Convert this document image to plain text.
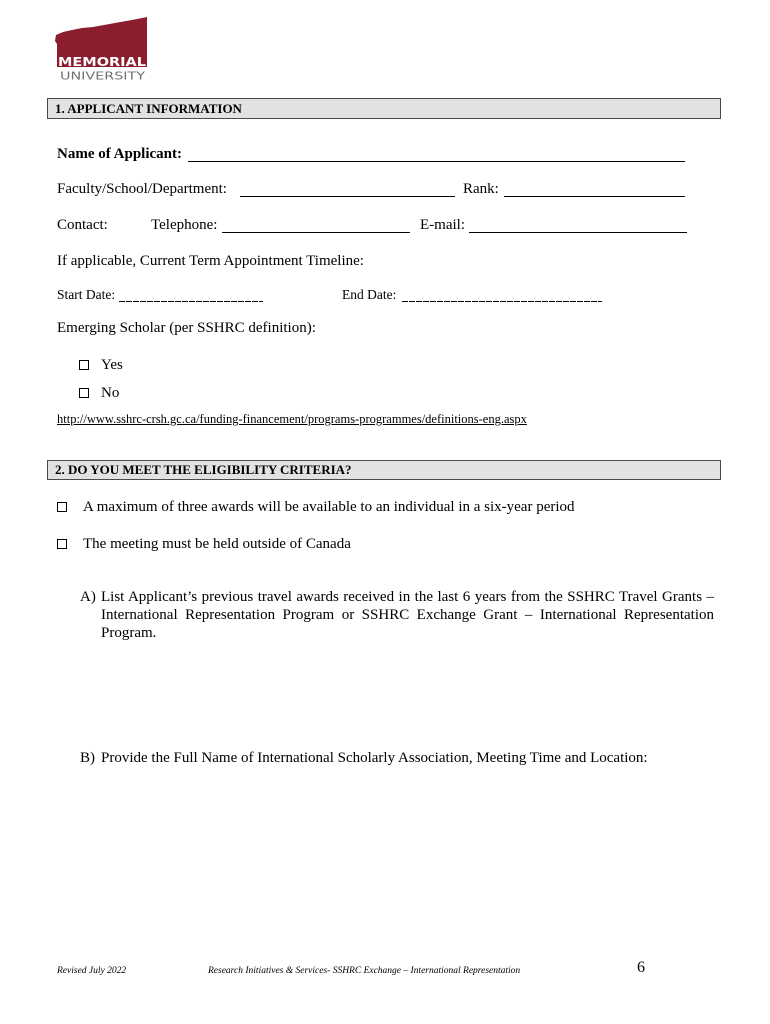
MEMORIAL
UNIVERSITY
1. APPLICANT INFORMATION
Name of Applicant:
Faculty/School/Department:	Rank:
Contact:	Telephone:	E-mail:
If applicable, Current Term Appointment Timeline:
Start Date:	End Date:
Emerging Scholar (per SSHRC definition):
Yes
No
http://www.sshrc-crsh.gc.ca/funding-financement/programs-programmes/definitions-eng.aspx
2. DO YOU MEET THE ELIGIBILITY CRITERIA?
A maximum of three awards will be available to an individual in a six-year period
The meeting must be held outside of Canada
A) List Applicant’s previous travel awards received in the last 6 years from the SSHRC Travel Grants – International Representation Program or SSHRC Exchange Grant – International Representation Program.
B) Provide the Full Name of International Scholarly Association, Meeting Time and Location:
Revised July 2022	Research Initiatives & Services- SSHRC Exchange – International Representation	6
